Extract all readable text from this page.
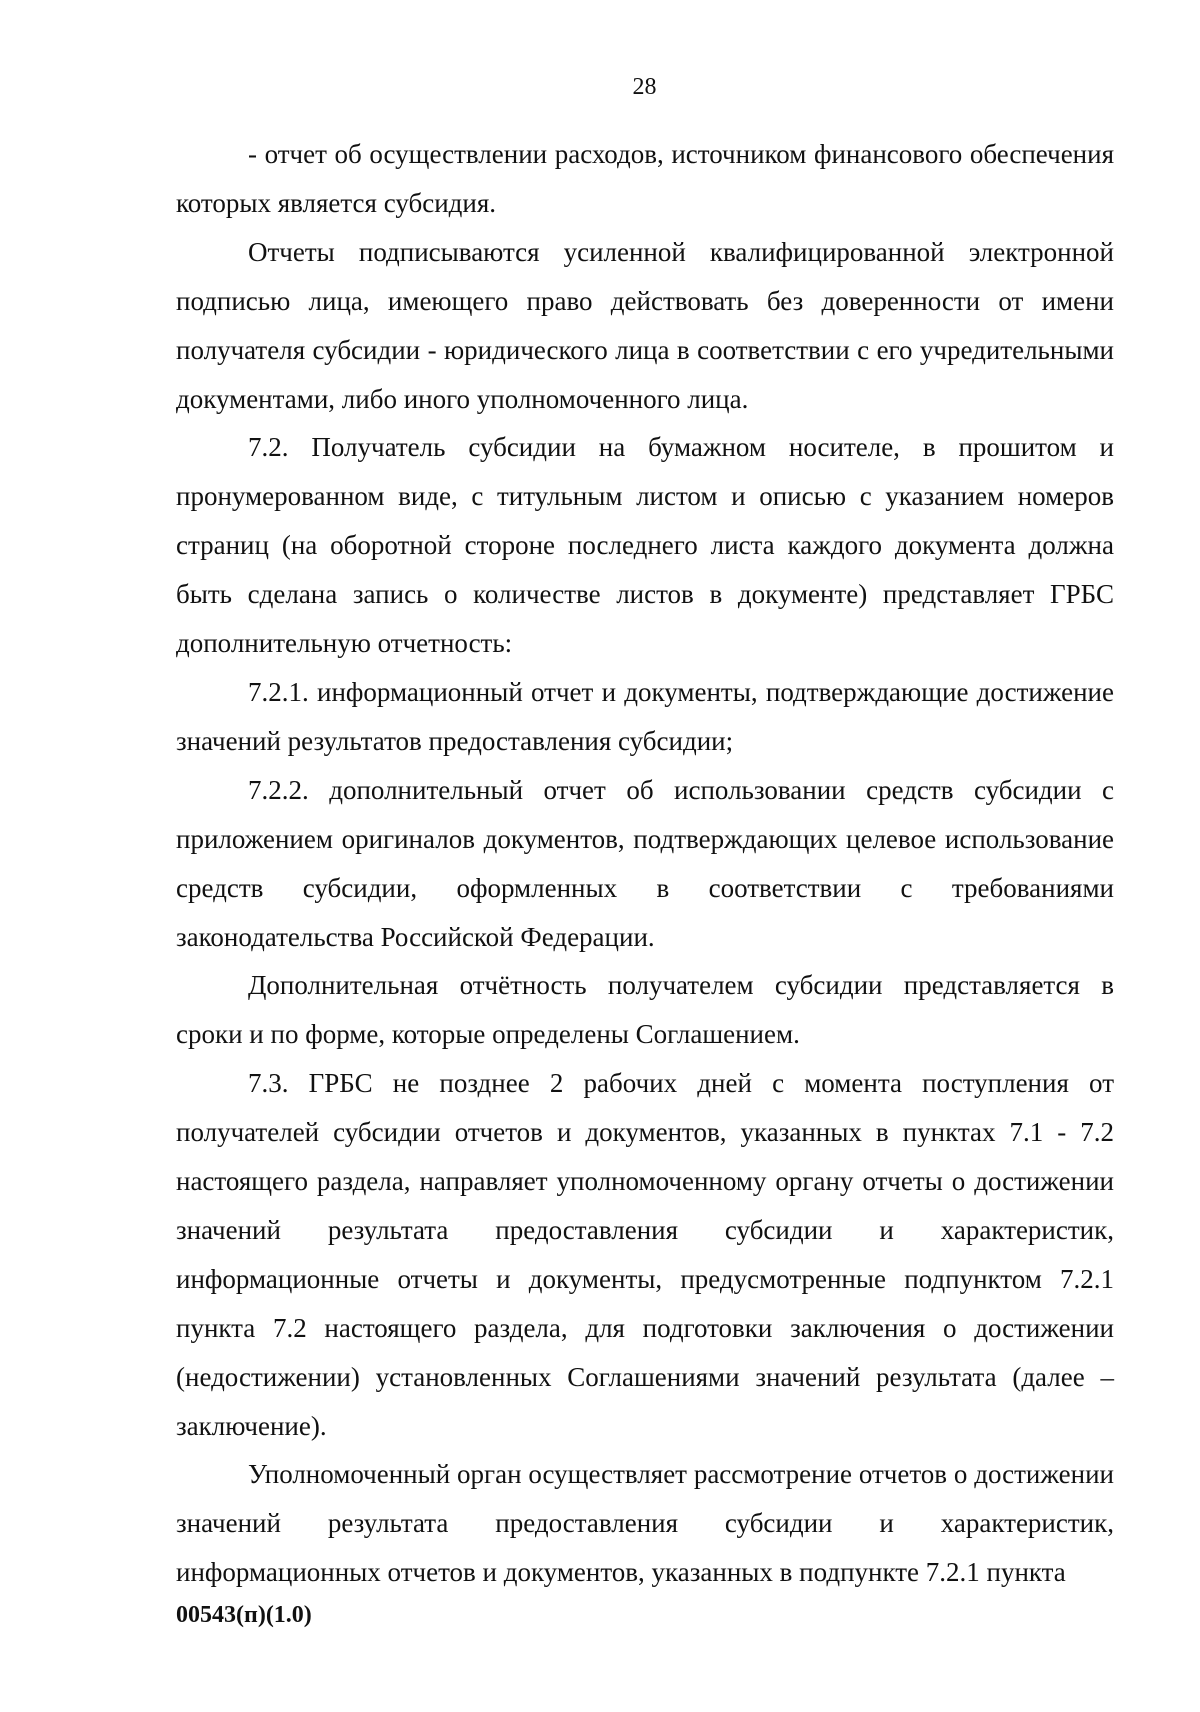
28

- отчет об осуществлении расходов, источником финансового обеспечения которых является субсидия.

Отчеты подписываются усиленной квалифицированной электронной подписью лица, имеющего право действовать без доверенности от имени получателя субсидии - юридического лица в соответствии с его учредительными документами, либо иного уполномоченного лица.

7.2. Получатель субсидии на бумажном носителе, в прошитом и пронумерованном виде, с титульным листом и описью с указанием номеров страниц (на оборотной стороне последнего листа каждого документа должна быть сделана запись о количестве листов в документе) представляет ГРБС дополнительную отчетность:

7.2.1. информационный отчет и документы, подтверждающие достижение значений результатов предоставления субсидии;

7.2.2. дополнительный отчет об использовании средств субсидии с приложением оригиналов документов, подтверждающих целевое использование средств субсидии, оформленных в соответствии с требованиями законодательства Российской Федерации.

Дополнительная отчётность получателем субсидии представляется в сроки и по форме, которые определены Соглашением.

7.3. ГРБС не позднее 2 рабочих дней с момента поступления от получателей субсидии отчетов и документов, указанных в пунктах 7.1 - 7.2 настоящего раздела, направляет уполномоченному органу отчеты о достижении значений результата предоставления субсидии и характеристик, информационные отчеты и документы, предусмотренные подпунктом 7.2.1 пункта 7.2 настоящего раздела, для подготовки заключения о достижении (недостижении) установленных Соглашениями значений результата (далее – заключение).

Уполномоченный орган осуществляет рассмотрение отчетов о достижении значений результата предоставления субсидии и характеристик, информационных отчетов и документов, указанных в подпункте 7.2.1 пункта

00543(п)(1.0)
